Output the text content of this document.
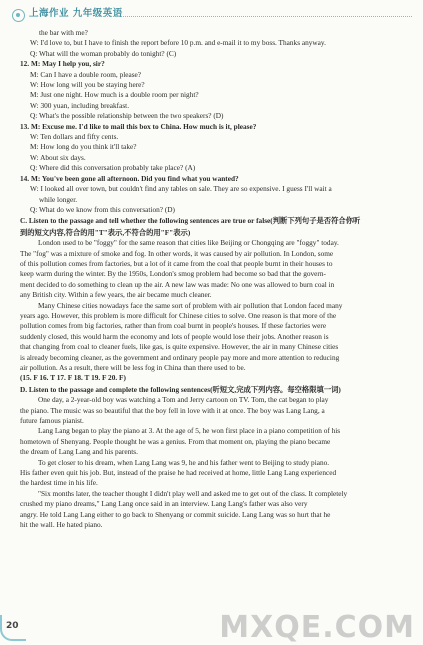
上海作业 九年级英语
the bar with me?
W: I'd love to, but I have to finish the report before 10 p.m. and e-mail it to my boss. Thanks anyway.
Q: What will the woman probably do tonight? (C)
12. M: May I help you, sir?
M: Can I have a double room, please?
W: How long will you be staying here?
M: Just one night. How much is a double room per night?
W: 300 yuan, including breakfast.
Q: What's the possible relationship between the two speakers? (D)
13. M: Excuse me. I'd like to mail this box to China. How much is it, please?
W: Ten dollars and fifty cents.
M: How long do you think it'll take?
W: About six days.
Q: Where did this conversation probably take place? (A)
14. M: You've been gone all afternoon. Did you find what you wanted?
W: I looked all over town, but couldn't find any tables on sale. They are so expensive. I guess I'll wait a
while longer.
Q: What do we know from this conversation? (D)
C. Listen to the passage and tell whether the following sentences are true or false(判断下列句子是否符合你听
到的短文内容,符合的用"T"表示,不符合的用"F"表示)
London used to be "foggy" for the same reason that cities like Beijing or Chongqing are "foggy" today.
The "fog" was a mixture of smoke and fog. In other words, it was caused by air pollution. In London, some
of this pollution comes from factories, but a lot of it came from the coal that people burnt in their houses to
keep warm during the winter. By the 1950s, London's smog problem had become so bad that the govern-
ment decided to do something to clean up the air. A new law was made: No one was allowed to burn coal in
any British city. Within a few years, the air became much cleaner.
Many Chinese cities nowadays face the same sort of problem with air pollution that London faced many
years ago. However, this problem is more difficult for Chinese cities to solve. One reason is that more of the
pollution comes from big factories, rather than from coal burnt in people's houses. If these factories were
suddenly closed, this would harm the economy and lots of people would lose their jobs. Another reason is
that changing from coal to cleaner fuels, like gas, is quite expensive. However, the air in many Chinese cities
is already becoming cleaner, as the government and ordinary people pay more and more attention to reducing
air pollution. As a result, there will be less fog in China than there used to be.
(15. F 16. T 17. F 18. T 19. F 20. F)
D. Listen to the passage and complete the following sentences(听短文,完成下列内容。每空格限填一词)
One day, a 2-year-old boy was watching a Tom and Jerry cartoon on TV. Tom, the cat began to play
the piano. The music was so beautiful that the boy fell in love with it at once. The boy was Lang Lang, a
future famous pianist.
Lang Lang began to play the piano at 3. At the age of 5, he won first place in a piano competition of his
hometown of Shenyang. People thought he was a genius. From that moment on, playing the piano became
the dream of Lang Lang and his parents.
To get closer to his dream, when Lang Lang was 9, he and his father went to Beijing to study piano.
His father even quit his job. But, instead of the praise he had received at home, little Lang Lang experienced
the hardest time in his life.
"Six months later, the teacher thought I didn't play well and asked me to get out of the class. It completely
crushed my piano dreams," Lang Lang once said in an interview. Lang Lang's father was also very
angry. He told Lang Lang either to go back to Shenyang or commit suicide. Lang Lang was so hurt that he
hit the wall. He hated piano.
20	MXQE.COM
